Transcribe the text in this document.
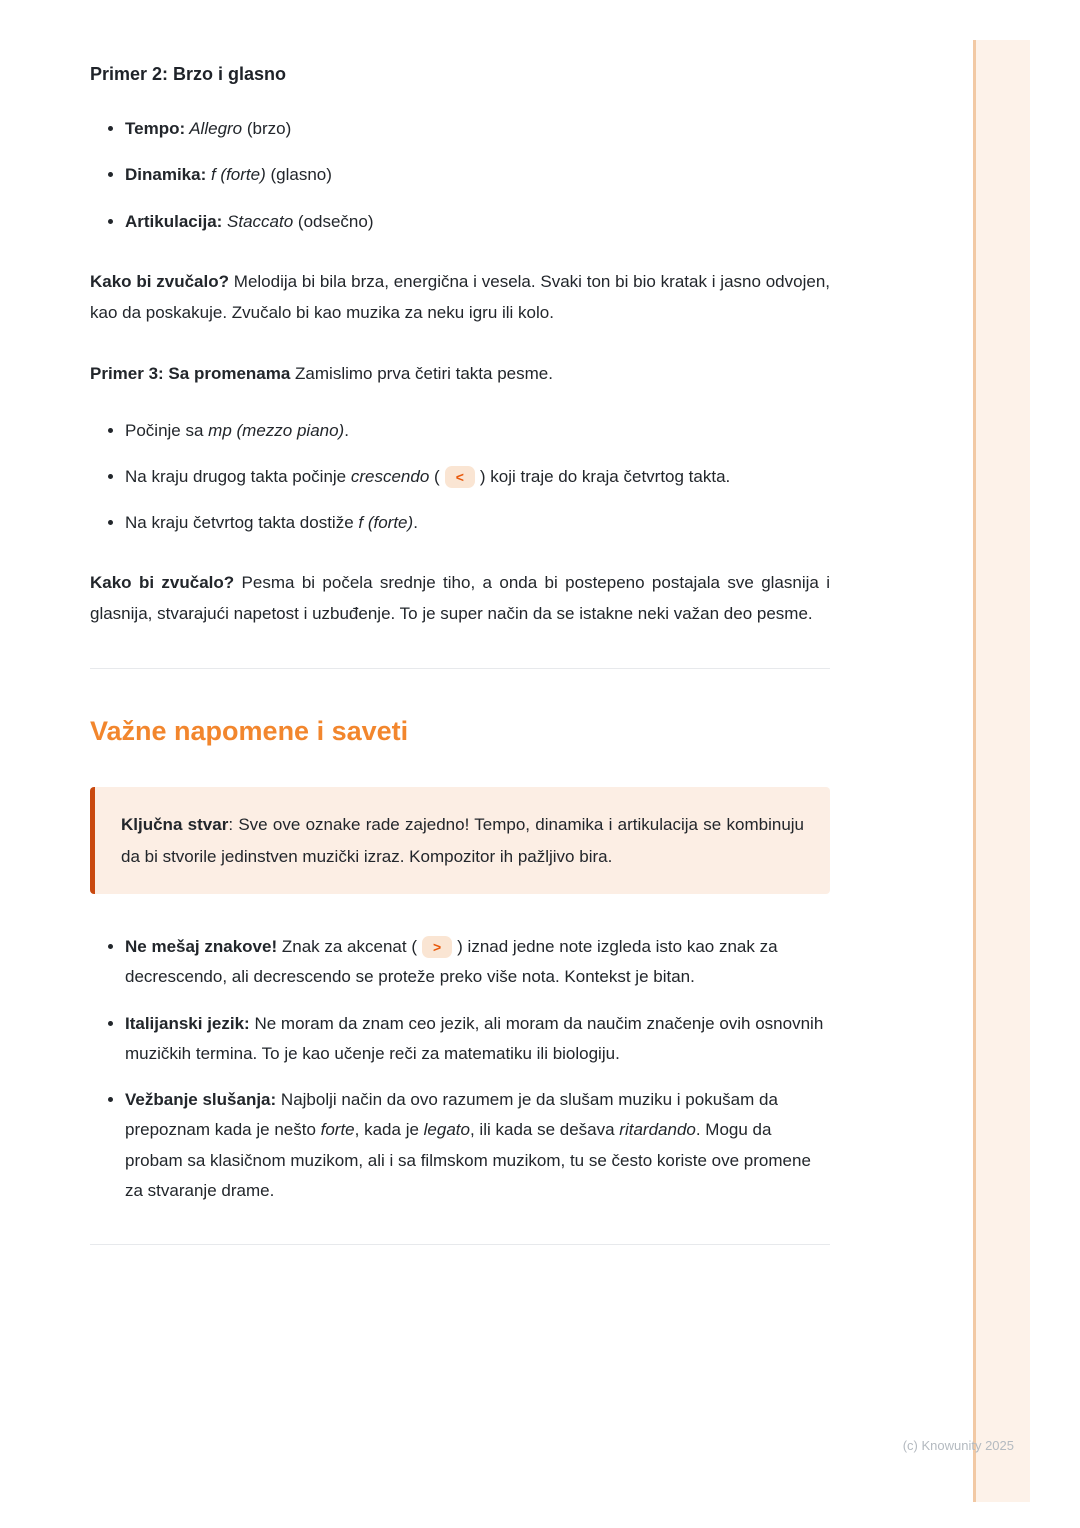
Primer 2: Brzo i glasno
• Tempo: Allegro (brzo)
• Dinamika: f (forte) (glasno)
• Artikulacija: Staccato (odsečno)

Kako bi zvučalo? Melodija bi bila brza, energična i vesela. Svaki ton bi bio kratak i jasno odvojen, kao da poskakuje. Zvučalo bi kao muzika za neku igru ili kolo.

Primer 3: Sa promenama Zamislimo prva četiri takta pesme.

• Počinje sa mp (mezzo piano).
• Na kraju drugog takta počinje crescendo ( < ) koji traje do kraja četvrtog takta.
• Na kraju četvrtog takta dostiže f (forte).

Kako bi zvučalo? Pesma bi počela srednje tiho, a onda bi postepeno postajala sve glasnija i glasnija, stvarajući napetost i uzbuđenje. To je super način da se istakne neki važan deo pesme.

Važne napomene i saveti
Ključna stvar: Sve ove oznake rade zajedno! Tempo, dinamika i artikulacija se kombinuju da bi stvorile jedinstven muzički izraz. Kompozitor ih pažljivo bira.
• Ne mešaj znakove! Znak za akcenat ( > ) iznad jedne note izgleda isto kao znak za decrescendo, ali decrescendo se proteže preko više nota. Kontekst je bitan.
• Italijanski jezik: Ne moram da znam ceo jezik, ali moram da naučim značenje ovih osnovnih muzičkih termina. To je kao učenje reči za matematiku ili biologiju.
• Vežbanje slušanja: Najbolji način da ovo razumem je da slušam muziku i pokušam da prepoznam kada je nešto forte, kada je legato, ili kada se dešava ritardando. Mogu da probam sa klasičnom muzikom, ali i sa filmskom muzikom, tu se često koriste ove promene za stvaranje drame.
(c) Knowunity 2025
